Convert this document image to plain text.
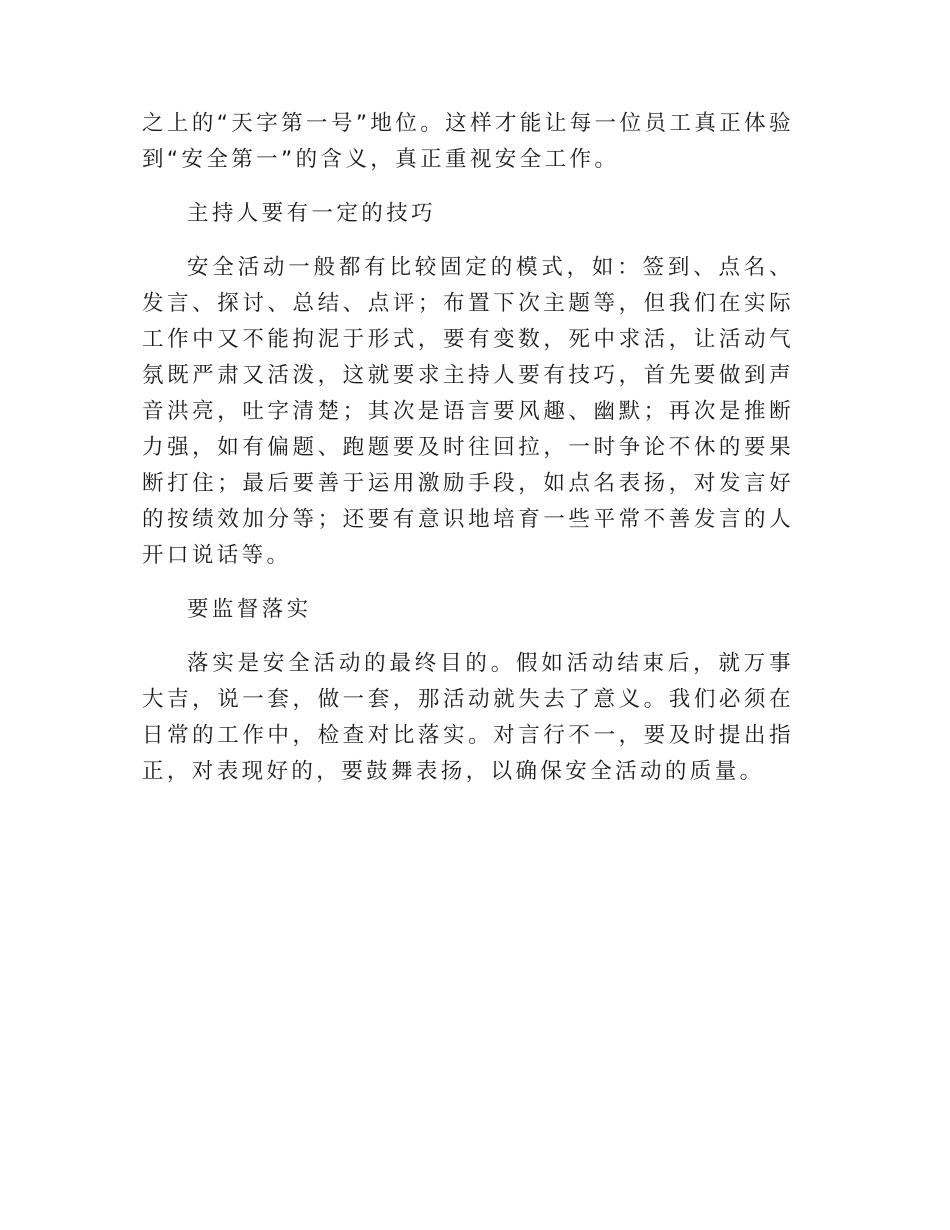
之上的“天字第一号”地位。这样才能让每一位员工真正体验到“安全第一”的含义，真正重视安全工作。

主持人要有一定的技巧

安全活动一般都有比较固定的模式，如：签到、点名、发言、探讨、总结、点评；布置下次主题等，但我们在实际工作中又不能拘泥于形式，要有变数，死中求活，让活动气氛既严肃又活泼，这就要求主持人要有技巧，首先要做到声音洪亮，吐字清楚；其次是语言要风趣、幽默；再次是推断力强，如有偏题、跑题要及时往回拉，一时争论不休的要果断打住；最后要善于运用激励手段，如点名表扬，对发言好的按绩效加分等；还要有意识地培育一些平常不善发言的人开口说话等。

要监督落实

落实是安全活动的最终目的。假如活动结束后，就万事大吉，说一套，做一套，那活动就失去了意义。我们必须在日常的工作中，检查对比落实。对言行不一，要及时提出指正，对表现好的，要鼓舞表扬，以确保安全活动的质量。
